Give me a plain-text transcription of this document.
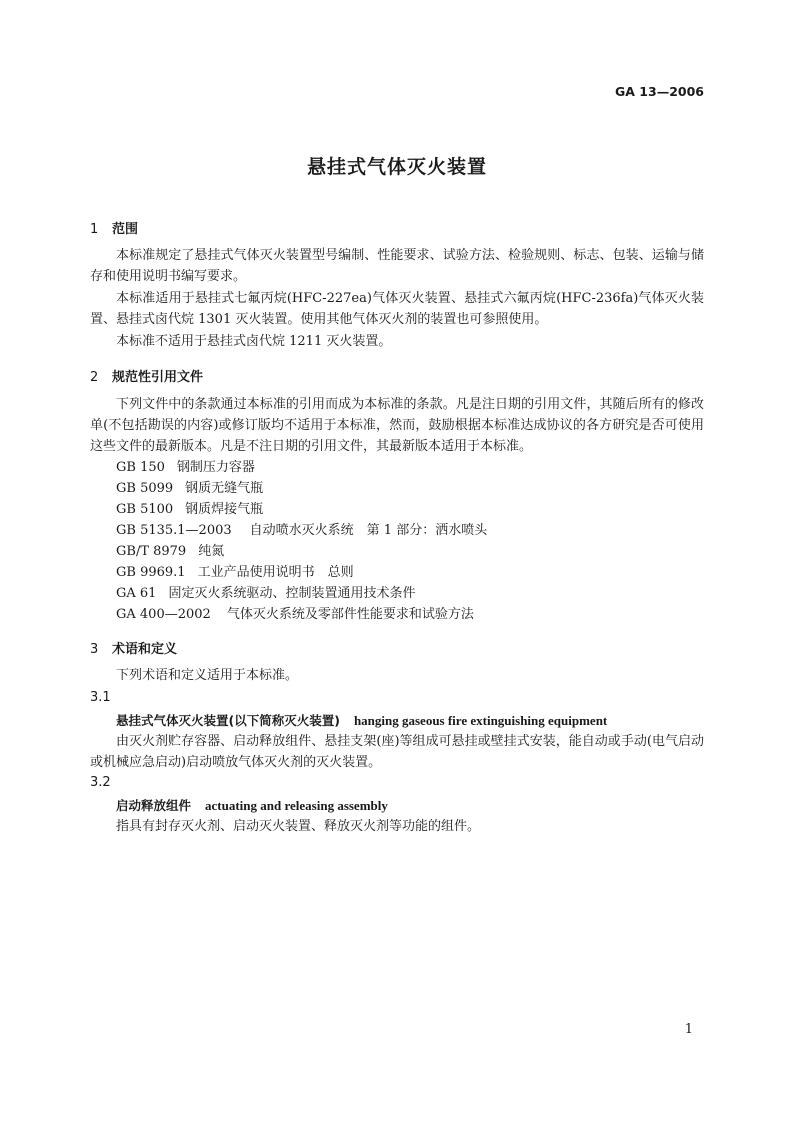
GA 13—2006
悬挂式气体灭火装置
1 范围

本标准规定了悬挂式气体灭火装置型号编制、性能要求、试验方法、检验规则、标志、包装、运输与储存和使用说明书编写要求。

本标准适用于悬挂式七氟丙烷(HFC-227ea)气体灭火装置、悬挂式六氟丙烷(HFC-236fa)气体灭火装置、悬挂式卤代烷 1301 灭火装置。使用其他气体灭火剂的装置也可参照使用。

本标准不适用于悬挂式卤代烷 1211 灭火装置。

2 规范性引用文件

下列文件中的条款通过本标准的引用而成为本标准的条款。凡是注日期的引用文件，其随后所有的修改单(不包括勘误的内容)或修订版均不适用于本标准，然而，鼓励根据本标准达成协议的各方研究是否可使用这些文件的最新版本。凡是不注日期的引用文件，其最新版本适用于本标准。

GB 150 钢制压力容器
GB 5099 钢质无缝气瓶
GB 5100 钢质焊接气瓶
GB 5135.1—2003 自动喷水灭火系统　第 1 部分：洒水喷头
GB/T 8979 纯氮
GB 9969.1 工业产品使用说明书　总则
GA 61 固定灭火系统驱动、控制装置通用技术条件
GA 400—2002 气体灭火系统及零部件性能要求和试验方法
3 术语和定义

下列术语和定义适用于本标准。

3.1
悬挂式气体灭火装置(以下简称灭火装置) hanging gaseous fire extinguishing equipment

由灭火剂贮存容器、启动释放组件、悬挂支架(座)等组成可悬挂或壁挂式安装，能自动或手动(电气启动或机械应急启动)启动喷放气体灭火剂的灭火装置。

3.2
启动释放组件 actuating and releasing assembly

指具有封存灭火剂、启动灭火装置、释放灭火剂等功能的组件。

1
